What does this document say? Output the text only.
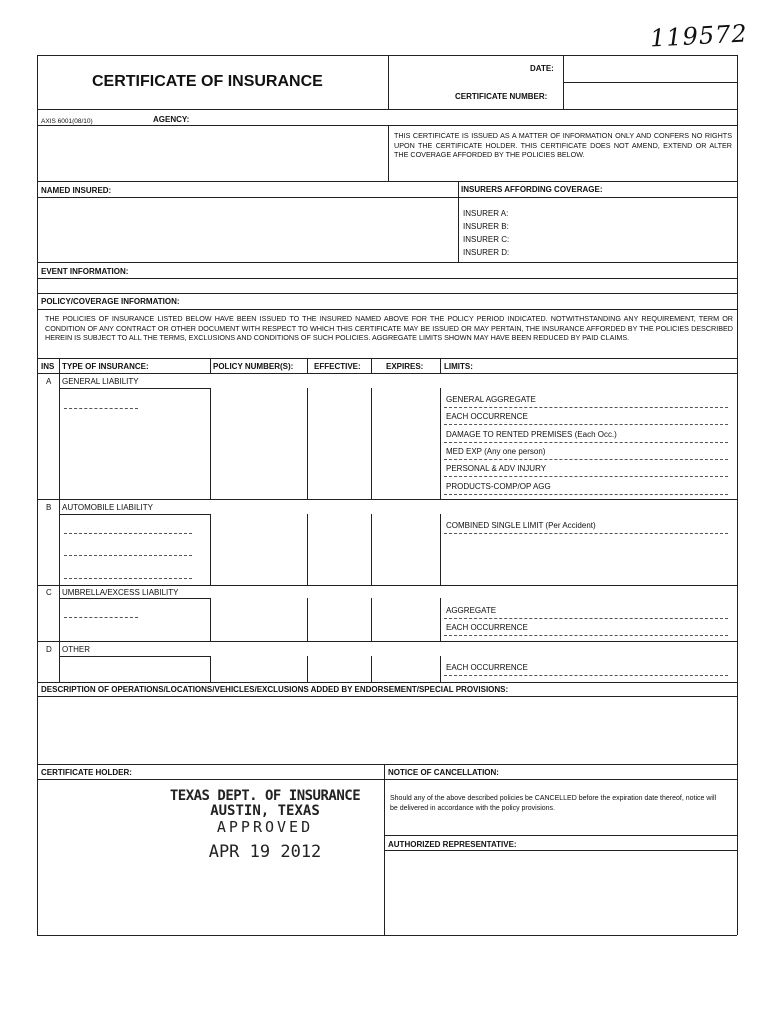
119572
CERTIFICATE OF INSURANCE
DATE:
CERTIFICATE NUMBER:
AXIS 6001(08/10)	AGENCY:
THIS CERTIFICATE IS ISSUED AS A MATTER OF INFORMATION ONLY AND CONFERS NO RIGHTS UPON THE CERTIFICATE HOLDER. THIS CERTIFICATE DOES NOT AMEND, EXTEND OR ALTER THE COVERAGE AFFORDED BY THE POLICIES BELOW.
NAMED INSURED:	INSURERS AFFORDING COVERAGE:
INSURER A:
INSURER B:
INSURER C:
INSURER D:
EVENT INFORMATION:
POLICY/COVERAGE INFORMATION:
THE POLICIES OF INSURANCE LISTED BELOW HAVE BEEN ISSUED TO THE INSURED NAMED ABOVE FOR THE POLICY PERIOD INDICATED. NOTWITHSTANDING ANY REQUIREMENT, TERM OR CONDITION OF ANY CONTRACT OR OTHER DOCUMENT WITH RESPECT TO WHICH THIS CERTIFICATE MAY BE ISSUED OR MAY PERTAIN, THE INSURANCE AFFORDED BY THE POLICIES DESCRIBED HEREIN IS SUBJECT TO ALL THE TERMS, EXCLUSIONS AND CONDITIONS OF SUCH POLICIES. AGGREGATE LIMITS SHOWN MAY HAVE BEEN REDUCED BY PAID CLAIMS.
INS TYPE OF INSURANCE:	POLICY NUMBER(S):	EFFECTIVE:	EXPIRES:	LIMITS:
A GENERAL LIABILITY
GENERAL AGGREGATE
EACH OCCURRENCE
DAMAGE TO RENTED PREMISES (Each Occ.)
MED EXP (Any one person)
PERSONAL & ADV INJURY
PRODUCTS-COMP/OP AGG
B AUTOMOBILE LIABILITY
COMBINED SINGLE LIMIT (Per Accident)
C UMBRELLA/EXCESS LIABILITY
AGGREGATE
EACH OCCURRENCE
D OTHER
EACH OCCURRENCE
DESCRIPTION OF OPERATIONS/LOCATIONS/VEHICLES/EXCLUSIONS ADDED BY ENDORSEMENT/SPECIAL PROVISIONS:
CERTIFICATE HOLDER:	NOTICE OF CANCELLATION:
Should any of the above described policies be CANCELLED before the expiration date thereof, notice will be delivered in accordance with the policy provisions.
AUTHORIZED REPRESENTATIVE:
TEXAS DEPT. OF INSURANCE
AUSTIN, TEXAS
APPROVED
APR 19 2012
